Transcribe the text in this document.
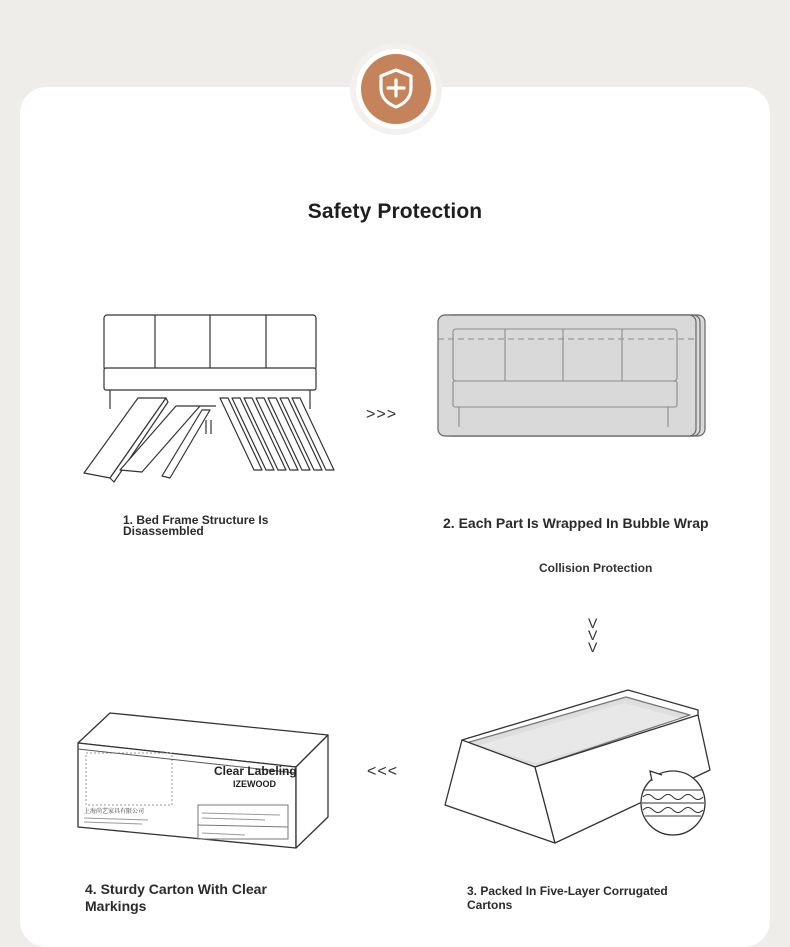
Safety Protection
1. Bed Frame Structure Is Disassembled
>>>
2. Each Part Is Wrapped In Bubble Wrap
Collision Protection
V
V
V
3. Packed In Five-Layer Corrugated Cartons
<<<
Clear Labeling
IZEWOOD
上海尚艺家具有限公司
4. Sturdy Carton With Clear Markings
